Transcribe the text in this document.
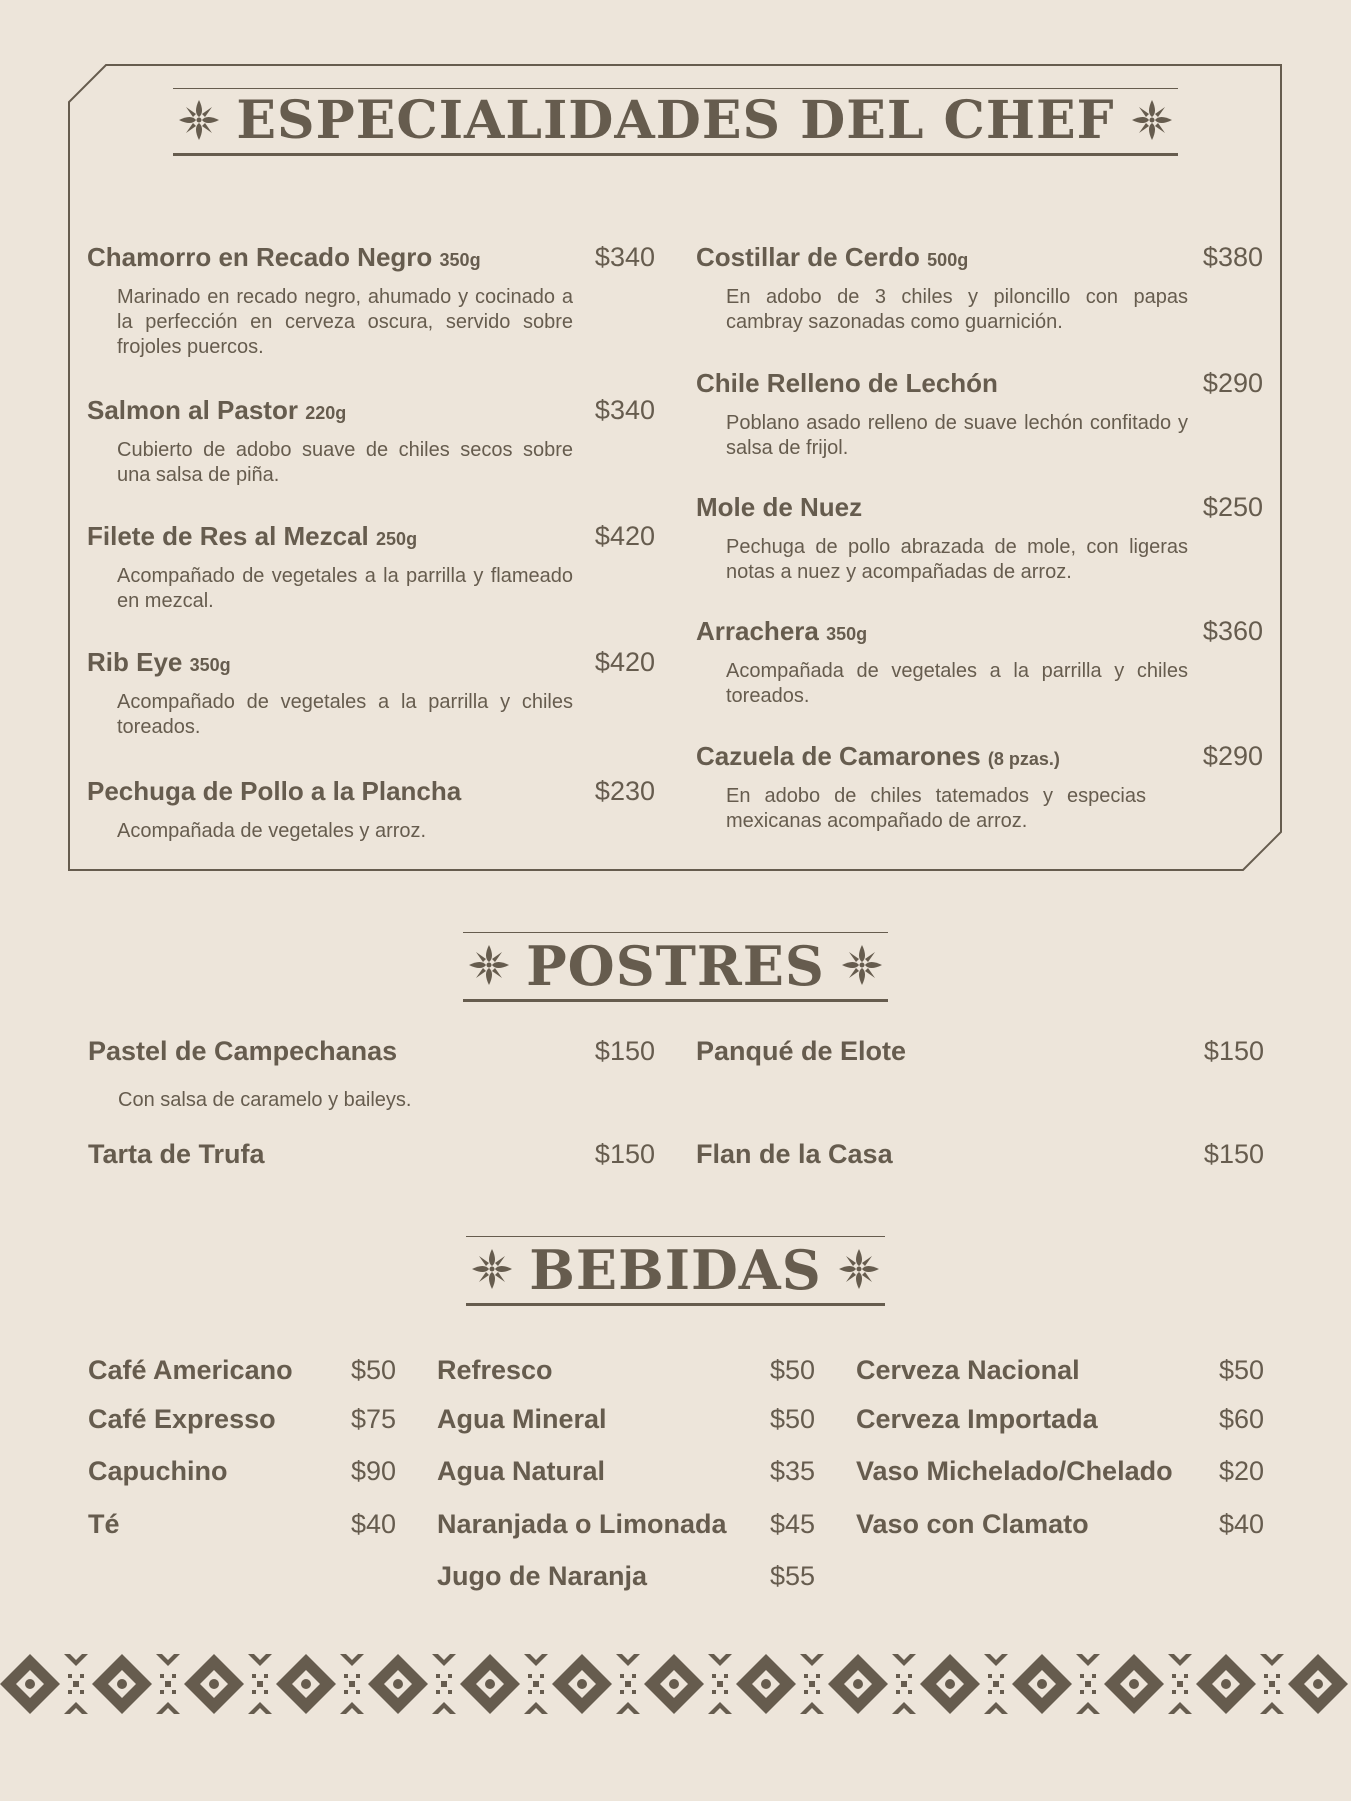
ESPECIALIDADES DEL CHEF
Chamorro en Recado Negro 350g	$340
Marinado en recado negro, ahumado y cocinado a la perfección en cerveza oscura, servido sobre frojoles puercos.
Salmon al Pastor 220g	$340
Cubierto de adobo suave de chiles secos sobre una salsa de piña.
Filete de Res al Mezcal 250g	$420
Acompañado de vegetales a la parrilla y flameado en mezcal.
Rib Eye 350g	$420
Acompañado de vegetales a la parrilla y chiles toreados.
Pechuga de Pollo a la Plancha	$230
Acompañada de vegetales y arroz.
Costillar de Cerdo 500g	$380
En adobo de 3 chiles y piloncillo con papas cambray sazonadas como guarnición.
Chile Relleno de Lechón	$290
Poblano asado relleno de suave lechón confitado y salsa de frijol.
Mole de Nuez	$250
Pechuga de pollo abrazada de mole, con ligeras notas a nuez y acompañadas de arroz.
Arrachera 350g	$360
Acompañada de vegetales a la parrilla y chiles toreados.
Cazuela de Camarones (8 pzas.)	$290
En adobo de chiles tatemados y especias mexicanas acompañado de arroz.
POSTRES
Pastel de Campechanas	$150
Con salsa de caramelo y baileys.
Panqué de Elote	$150
Tarta de Trufa	$150 Flan de la Casa	$150
BEBIDAS
Café Americano $50
Café Expresso	$75
Capuchino	$90
Té	$40
Refresco	$50
Agua Mineral	$50
Agua Natural	$35
Naranjada o Limonada $45
Jugo de Naranja	$55
Cerveza Nacional	$50
Cerveza Importada	$60
Vaso Michelado/Chelado $20
Vaso con Clamato	$40
